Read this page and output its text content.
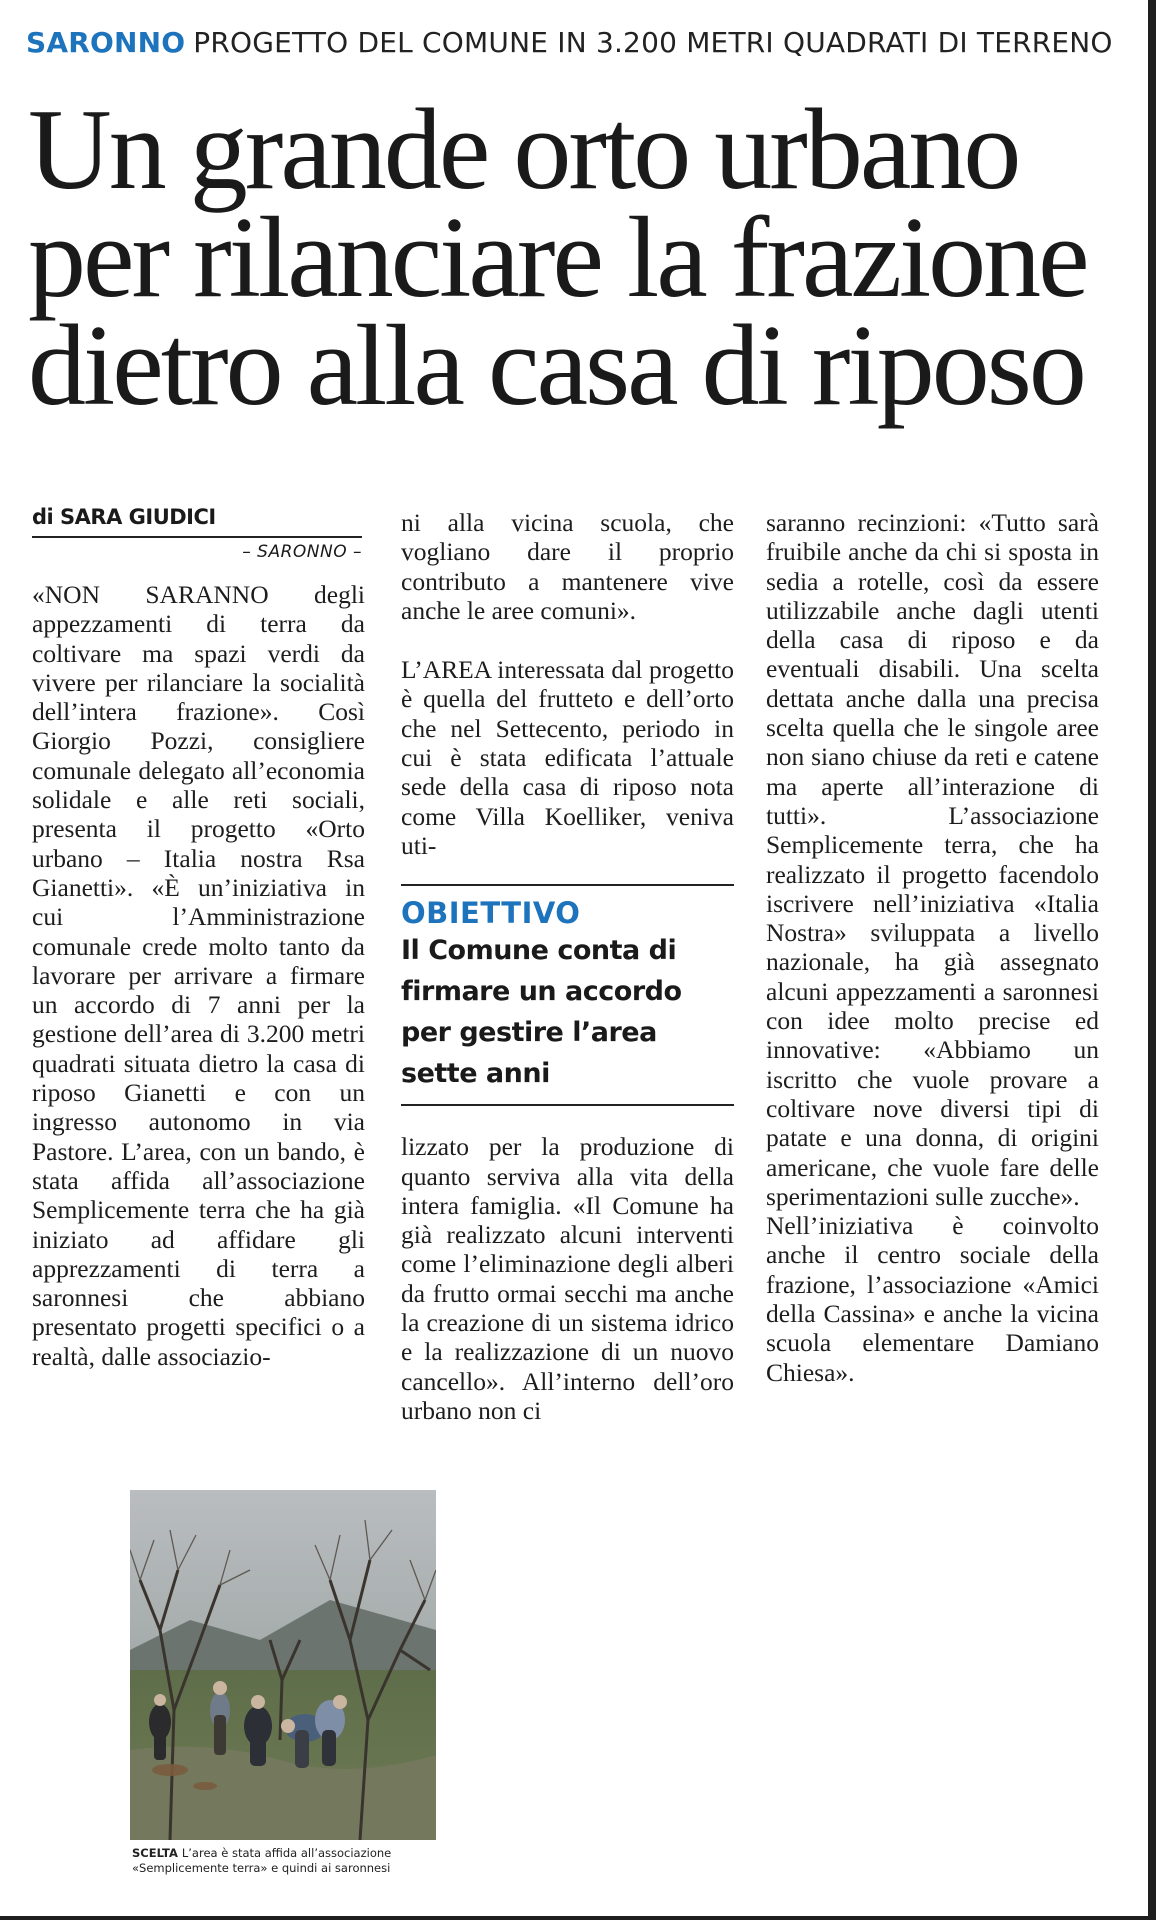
SARONNO PROGETTO DEL COMUNE IN 3.200 METRI QUADRATI DI TERRENO
Un grande orto urbano
per rilanciare la frazione
dietro alla casa di riposo
di SARA GIUDICI
– SARONNO –

«NON SARANNO degli appezzamenti di terra da coltivare ma spazi verdi da vivere per rilanciare la socialità dell’intera frazione». Così Giorgio Pozzi, consigliere comunale delegato all’economia solidale e alle reti sociali, presenta il progetto «Orto urbano – Italia nostra Rsa Gianetti». «È un’iniziativa in cui l’Amministrazione comunale crede molto tanto da lavorare per arrivare a firmare un accordo di 7 anni per la gestione dell’area di 3.200 metri quadrati situata dietro la casa di riposo Gianetti e con un ingresso autonomo in via Pastore. L’area, con un bando, è stata affida all’associazione Semplicemente terra che ha già iniziato ad affidare gli apprezzamenti di terra a saronnesi che abbiano presentato progetti specifici o a realtà, dalle associazio-

ni alla vicina scuola, che vogliano dare il proprio contributo a mantenere vive anche le aree comuni».

L’AREA interessata dal progetto è quella del frutteto e dell’orto che nel Settecento, periodo in cui è stata edificata l’attuale sede della casa di riposo nota come Villa Koelliker, veniva uti-

OBIETTIVO
Il Comune conta di firmare un accordo per gestire l’area sette anni

lizzato per la produzione di quanto serviva alla vita della intera famiglia. «Il Comune ha già realizzato alcuni interventi come l’eliminazione degli alberi da frutto ormai secchi ma anche la creazione di un sistema idrico e la realizzazione di un nuovo cancello». All’interno dell’oro urbano non ci

saranno recinzioni: «Tutto sarà fruibile anche da chi si sposta in sedia a rotelle, così da essere utilizzabile anche dagli utenti della casa di riposo e da eventuali disabili. Una scelta dettata anche dalla una precisa scelta quella che le singole aree non siano chiuse da reti e catene ma aperte all’interazione di tutti». L’associazione Semplicemente terra, che ha realizzato il progetto facendolo iscrivere nell’iniziativa «Italia Nostra» sviluppata a livello nazionale, ha già assegnato alcuni appezzamenti a saronnesi con idee molto precise ed innovative: «Abbiamo un iscritto che vuole provare a coltivare nove diversi tipi di patate e una donna, di origini americane, che vuole fare delle sperimentazioni sulle zucche».

Nell’iniziativa è coinvolto anche il centro sociale della frazione, l’associazione «Amici della Cassina» e anche la vicina scuola elementare Damiano Chiesa».

SCELTA L’area è stata affida all’associazione «Semplicemente terra» e quindi ai saronnesi
